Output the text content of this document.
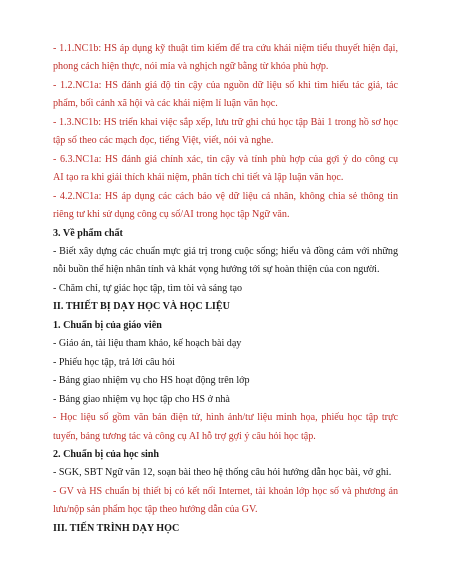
- 1.1.NC1b: HS áp dụng kỹ thuật tìm kiếm để tra cứu khái niệm tiểu thuyết hiện đại,
phong cách hiện thực, nói mỉa và nghịch ngữ bằng từ khóa phù hợp.
- 1.2.NC1a: HS đánh giá độ tin cậy của nguồn dữ liệu số khi tìm hiểu tác giả, tác
phẩm, bối cảnh xã hội và các khái niệm lí luận văn học.
- 1.3.NC1b: HS triển khai việc sắp xếp, lưu trữ ghi chú học tập Bài 1 trong hồ sơ học
tập số theo các mạch đọc, tiếng Việt, viết, nói và nghe.
- 6.3.NC1a: HS đánh giá chính xác, tin cậy và tính phù hợp của gợi ý do công cụ
AI tạo ra khi giải thích khái niệm, phân tích chi tiết và lập luận văn học.
- 4.2.NC1a: HS áp dụng các cách bảo vệ dữ liệu cá nhân, không chia sẻ thông tin
riêng tư khi sử dụng công cụ số/AI trong học tập Ngữ văn.
3. Về phẩm chất
- Biết xây dựng các chuẩn mực giá trị trong cuộc sống; hiểu và đồng cảm với những
nỗi buồn thể hiện nhân tính và khát vọng hướng tới sự hoàn thiện của con người.
- Chăm chỉ, tự giác học tập, tìm tòi và sáng tạo
II. THIẾT BỊ DẠY HỌC VÀ HỌC LIỆU
1. Chuẩn bị của giáo viên
- Giáo án, tài liệu tham khảo, kế hoạch bài dạy
- Phiếu học tập, trả lời câu hỏi
- Bảng giao nhiệm vụ cho HS hoạt động trên lớp
- Bảng giao nhiệm vụ học tập cho HS ở nhà
- Học liệu số gồm văn bản điện tử, hình ảnh/tư liệu minh họa, phiếu học tập trực
tuyến, bảng tương tác và công cụ AI hỗ trợ gợi ý câu hỏi học tập.
2. Chuẩn bị của học sinh
- SGK, SBT Ngữ văn 12, soạn bài theo hệ thống câu hỏi hướng dẫn học bài, vở ghi.
- GV và HS chuẩn bị thiết bị có kết nối Internet, tài khoản lớp học số và phương án
lưu/nộp sản phẩm học tập theo hướng dẫn của GV.
III. TIẾN TRÌNH DẠY HỌC
